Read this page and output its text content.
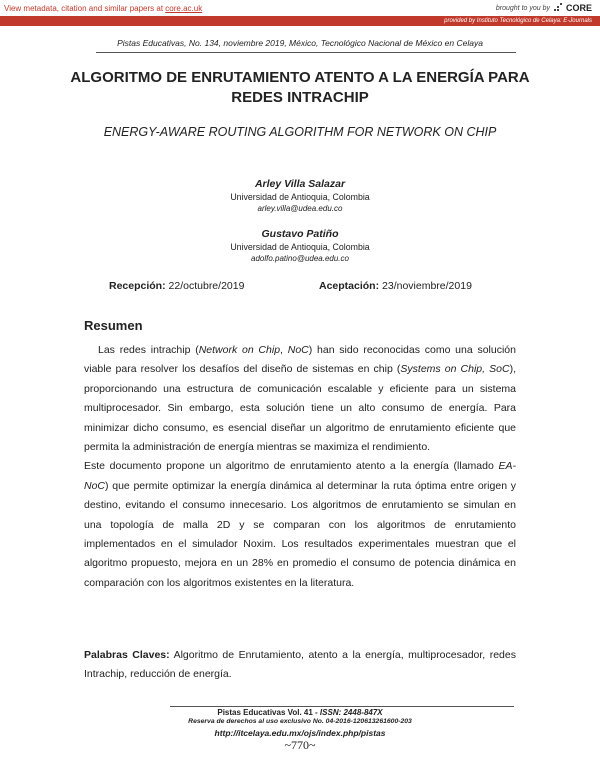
View metadata, citation and similar papers at core.ac.uk	brought to you by CORE
provided by Instituto Tecnológico de Celaya: E-Journals
Pistas Educativas, No. 134, noviembre 2019, México, Tecnológico Nacional de México en Celaya
ALGORITMO DE ENRUTAMIENTO ATENTO A LA ENERGÍA PARA REDES INTRACHIP
ENERGY-AWARE ROUTING ALGORITHM FOR NETWORK ON CHIP
Arley Villa Salazar
Universidad de Antioquia, Colombia
arley.villa@udea.edu.co
Gustavo Patiño
Universidad de Antioquia, Colombia
adolfo.patino@udea.edu.co
Recepción: 22/octubre/2019	Aceptación: 23/noviembre/2019
Resumen

Las redes intrachip (Network on Chip, NoC) han sido reconocidas como una solución viable para resolver los desafíos del diseño de sistemas en chip (Systems on Chip, SoC), proporcionando una estructura de comunicación escalable y eficiente para un sistema multiprocesador. Sin embargo, esta solución tiene un alto consumo de energía. Para minimizar dicho consumo, es esencial diseñar un algoritmo de enrutamiento eficiente que permita la administración de energía mientras se maximiza el rendimiento.

Este documento propone un algoritmo de enrutamiento atento a la energía (llamado EA-NoC) que permite optimizar la energía dinámica al determinar la ruta óptima entre origen y destino, evitando el consumo innecesario. Los algoritmos de enrutamiento se simulan en una topología de malla 2D y se comparan con los algoritmos de enrutamiento implementados en el simulador Noxim. Los resultados experimentales muestran que el algoritmo propuesto, mejora en un 28% en promedio el consumo de potencia dinámica en comparación con los algoritmos existentes en la literatura.

Palabras Claves: Algoritmo de Enrutamiento, atento a la energía, multiprocesador, redes Intrachip, reducción de energía.
Pistas Educativas Vol. 41 - ISSN: 2448-847X
Reserva de derechos al uso exclusivo No. 04-2016-120613261600-203
http://itcelaya.edu.mx/ojs/index.php/pistas
~770~
